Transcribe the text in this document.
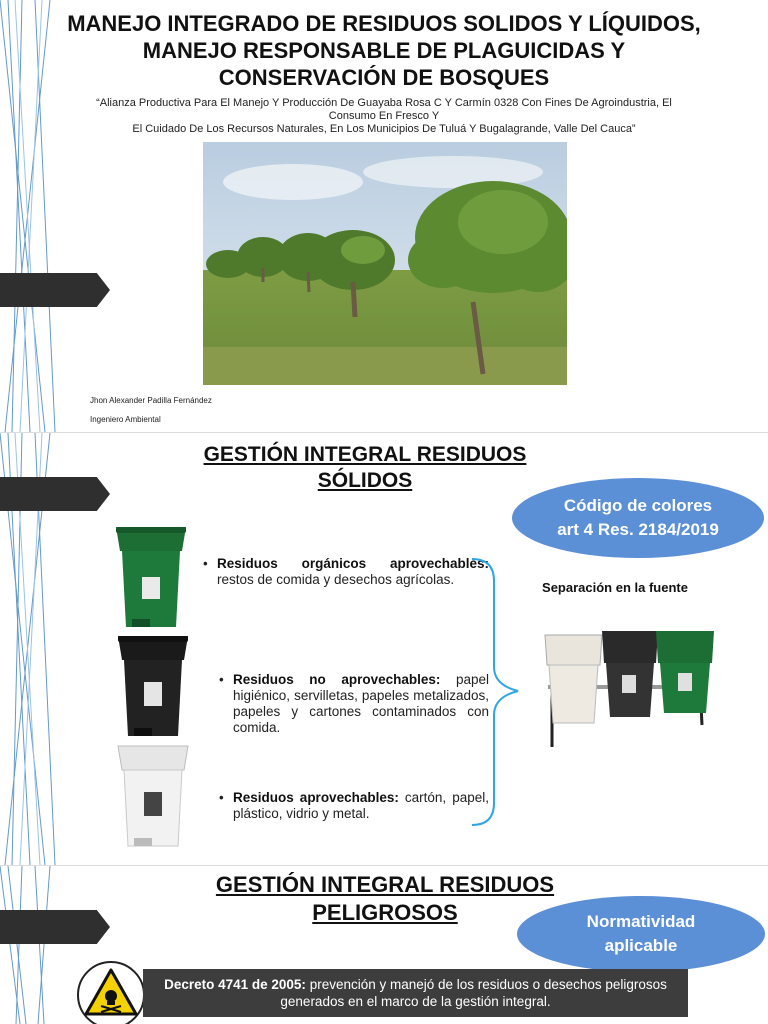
MANEJO INTEGRADO DE RESIDUOS SOLIDOS Y LÍQUIDOS, MANEJO RESPONSABLE DE PLAGUICIDAS Y CONSERVACIÓN DE BOSQUES
“Alianza Productiva Para El Manejo Y Producción De Guayaba Rosa C Y Carmín 0328 Con Fines De Agroindustria, El Consumo En Fresco Y
El Cuidado De Los Recursos Naturales, En Los Municipios De Tuluá Y Bugalagrande, Valle Del Cauca”
Jhon Alexander Padilla Fernández
Ingeniero Ambiental
GESTIÓN INTEGRAL RESIDUOS
SÓLIDOS
Código de colores
art 4 Res. 2184/2019
• Residuos orgánicos aprovechables: restos de comida y desechos agrícolas.
• Residuos no aprovechables: papel higiénico, servilletas, papeles metalizados, papeles y cartones contaminados con comida.
• Residuos aprovechables: cartón, papel, plástico, vidrio y metal.
Separación en la fuente
GESTIÓN INTEGRAL RESIDUOS
PELIGROSOS	Normatividad
aplicable
Decreto 4741 de 2005: prevención y manejó de los residuos o desechos peligrosos generados en el marco de la gestión integral.
